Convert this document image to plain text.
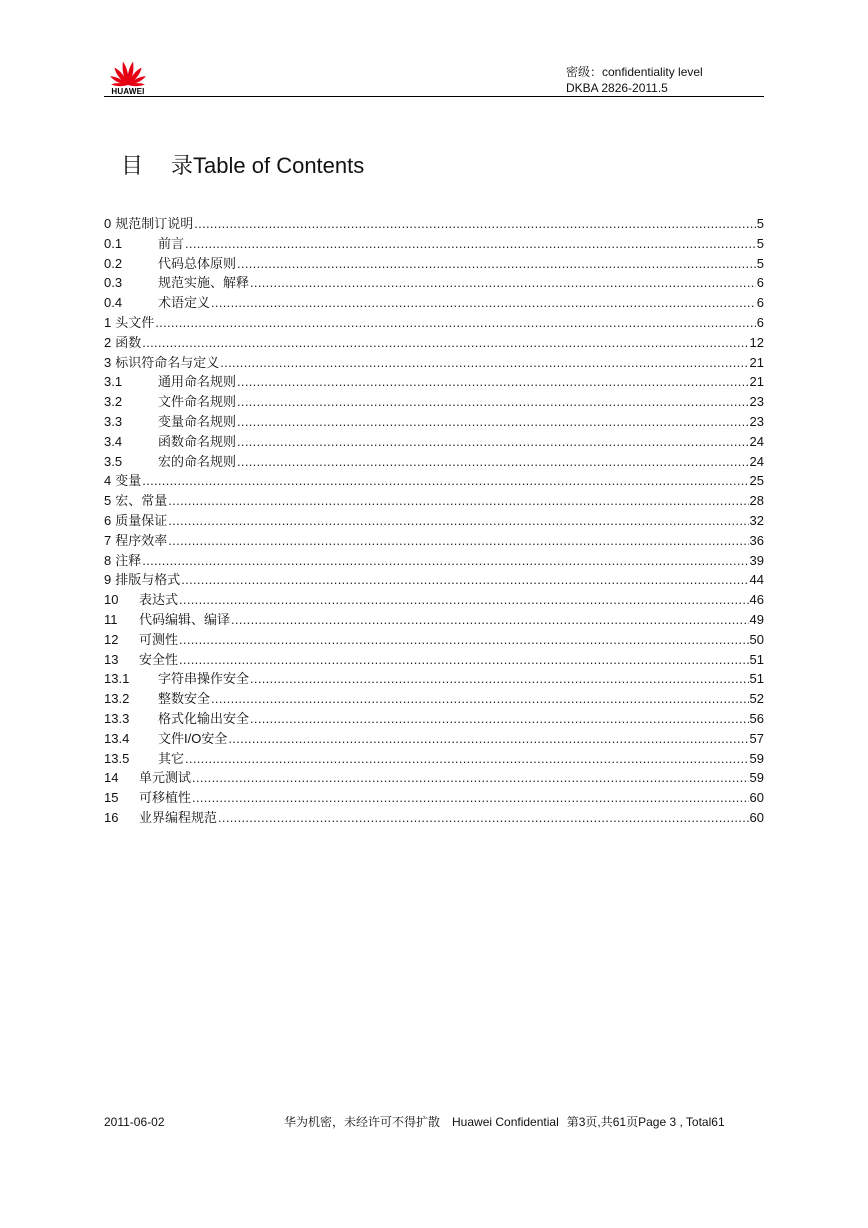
HUAWEI
密级：confidentiality level
DKBA 2826-2011.5
目 录Table of Contents
0 规范制订说明 .....	5
0.1	前言 .....	5
0.2	代码总体原则 .....	5
0.3	规范实施、解释 .....	6
0.4	术语定义 .....	6
1 头文件 .....	6
2 函数 .....	12
3 标识符命名与定义 .....	21
3.1	通用命名规则 .....	21
3.2	文件命名规则 .....	23
3.3	变量命名规则 .....	23
3.4	函数命名规则 .....	24
3.5	宏的命名规则 .....	24
4 变量 .....	25
5 宏、常量 .....	28
6 质量保证 .....	32
7 程序效率 .....	36
8 注释 .....	39
9 排版与格式 .....	44
10	表达式 .....	46
11	代码编辑、编译 .....	49
12	可测性 .....	50
13	安全性 .....	51
13.1	字符串操作安全 .....	51
13.2	整数安全 .....	52
13.3	格式化输出安全 .....	56
13.4	文件I/O安全 .....	57
13.5	其它 .....	59
14	单元测试 .....	59
15	可移植性 .....	60
16	业界编程规范 .....	60
2011-06-02	华为机密，未经许可不得扩散 Huawei Confidential 第3页,共61页Page 3 , Total61
